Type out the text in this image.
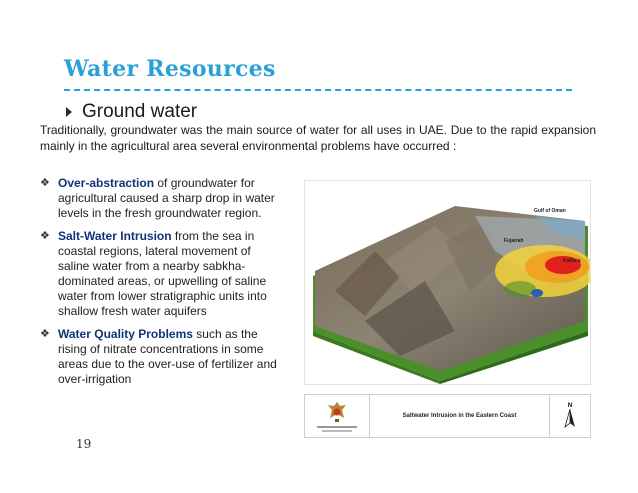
Water Resources
Ground water
Traditionally, groundwater was the main source of water for all uses in UAE. Due to the rapid expansion mainly in the agricultural area several environmental problems have occurred :
❖ Over-abstraction of groundwater for agricultural caused a sharp drop in water levels in the fresh groundwater region.
❖ Salt-Water Intrusion from the sea in coastal regions, lateral movement of saline water from a nearby sabkha-dominated areas, or upwelling of saline water from lower stratigraphic units into shallow fresh water aquifers
❖ Water Quality Problems such as the rising of nitrate concentrations in some areas due to the over-use of fertilizer and over-irrigation
Gulf of Oman
Fujairah
Kalba'a
Saltwater Intrusion in the Eastern Coast
N
19
